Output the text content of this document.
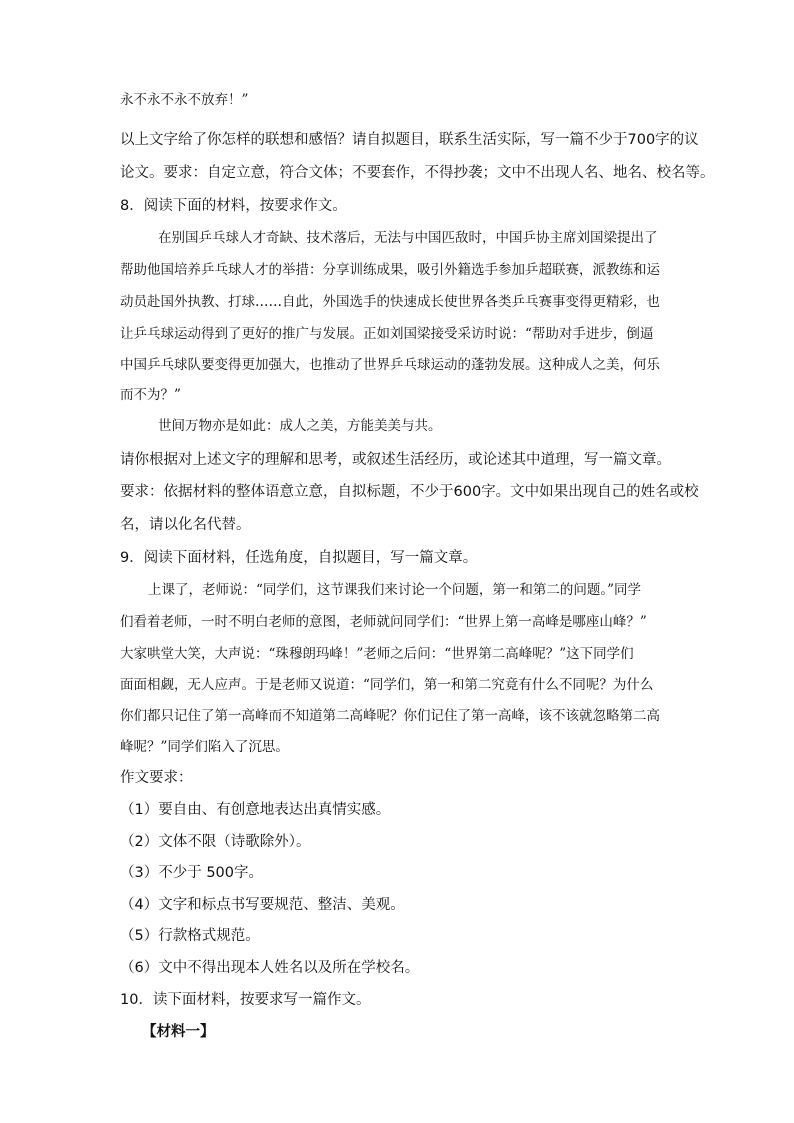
永不永不永不放弃！”
以上文字给了你怎样的联想和感悟？请自拟题目，联系生活实际，写一篇不少于700字的议
论文。要求：自定立意，符合文体；不要套作，不得抄袭；文中不出现人名、地名、校名等。
8．阅读下面的材料，按要求作文。
在别国乒乓球人才奇缺、技术落后，无法与中国匹敌时，中国乒协主席刘国梁提出了
帮助他国培养乒乓球人才的举措：分享训练成果，吸引外籍选手参加乒超联赛，派教练和运
动员赴国外执教、打球……自此，外国选手的快速成长使世界各类乒乓赛事变得更精彩，也
让乒乓球运动得到了更好的推广与发展。正如刘国梁接受采访时说：“帮助对手进步，倒逼
中国乒乓球队要变得更加强大，也推动了世界乒乓球运动的蓬勃发展。这种成人之美，何乐
而不为？”
世间万物亦是如此：成人之美，方能美美与共。
请你根据对上述文字的理解和思考，或叙述生活经历，或论述其中道理，写一篇文章。
要求：依据材料的整体语意立意，自拟标题，不少于600字。文中如果出现自己的姓名或校
名，请以化名代替。
9．阅读下面材料，任选角度，自拟题目，写一篇文章。
上课了，老师说：“同学们，这节课我们来讨论一个问题，第一和第二的问题。”同学
们看着老师，一时不明白老师的意图，老师就问同学们：“世界上第一高峰是哪座山峰？”
大家哄堂大笑，大声说：“珠穆朗玛峰！”老师之后问：“世界第二高峰呢？”这下同学们
面面相觑，无人应声。于是老师又说道：“同学们，第一和第二究竟有什么不同呢？为什么
你们都只记住了第一高峰而不知道第二高峰呢？你们记住了第一高峰，该不该就忽略第二高
峰呢？”同学们陷入了沉思。
作文要求：
（1）要自由、有创意地表达出真情实感。
（2）文体不限（诗歌除外）。
（3）不少于 500字。
（4）文字和标点书写要规范、整洁、美观。
（5）行款格式规范。
（6）文中不得出现本人姓名以及所在学校名。
10．读下面材料，按要求写一篇作文。
【材料一】
